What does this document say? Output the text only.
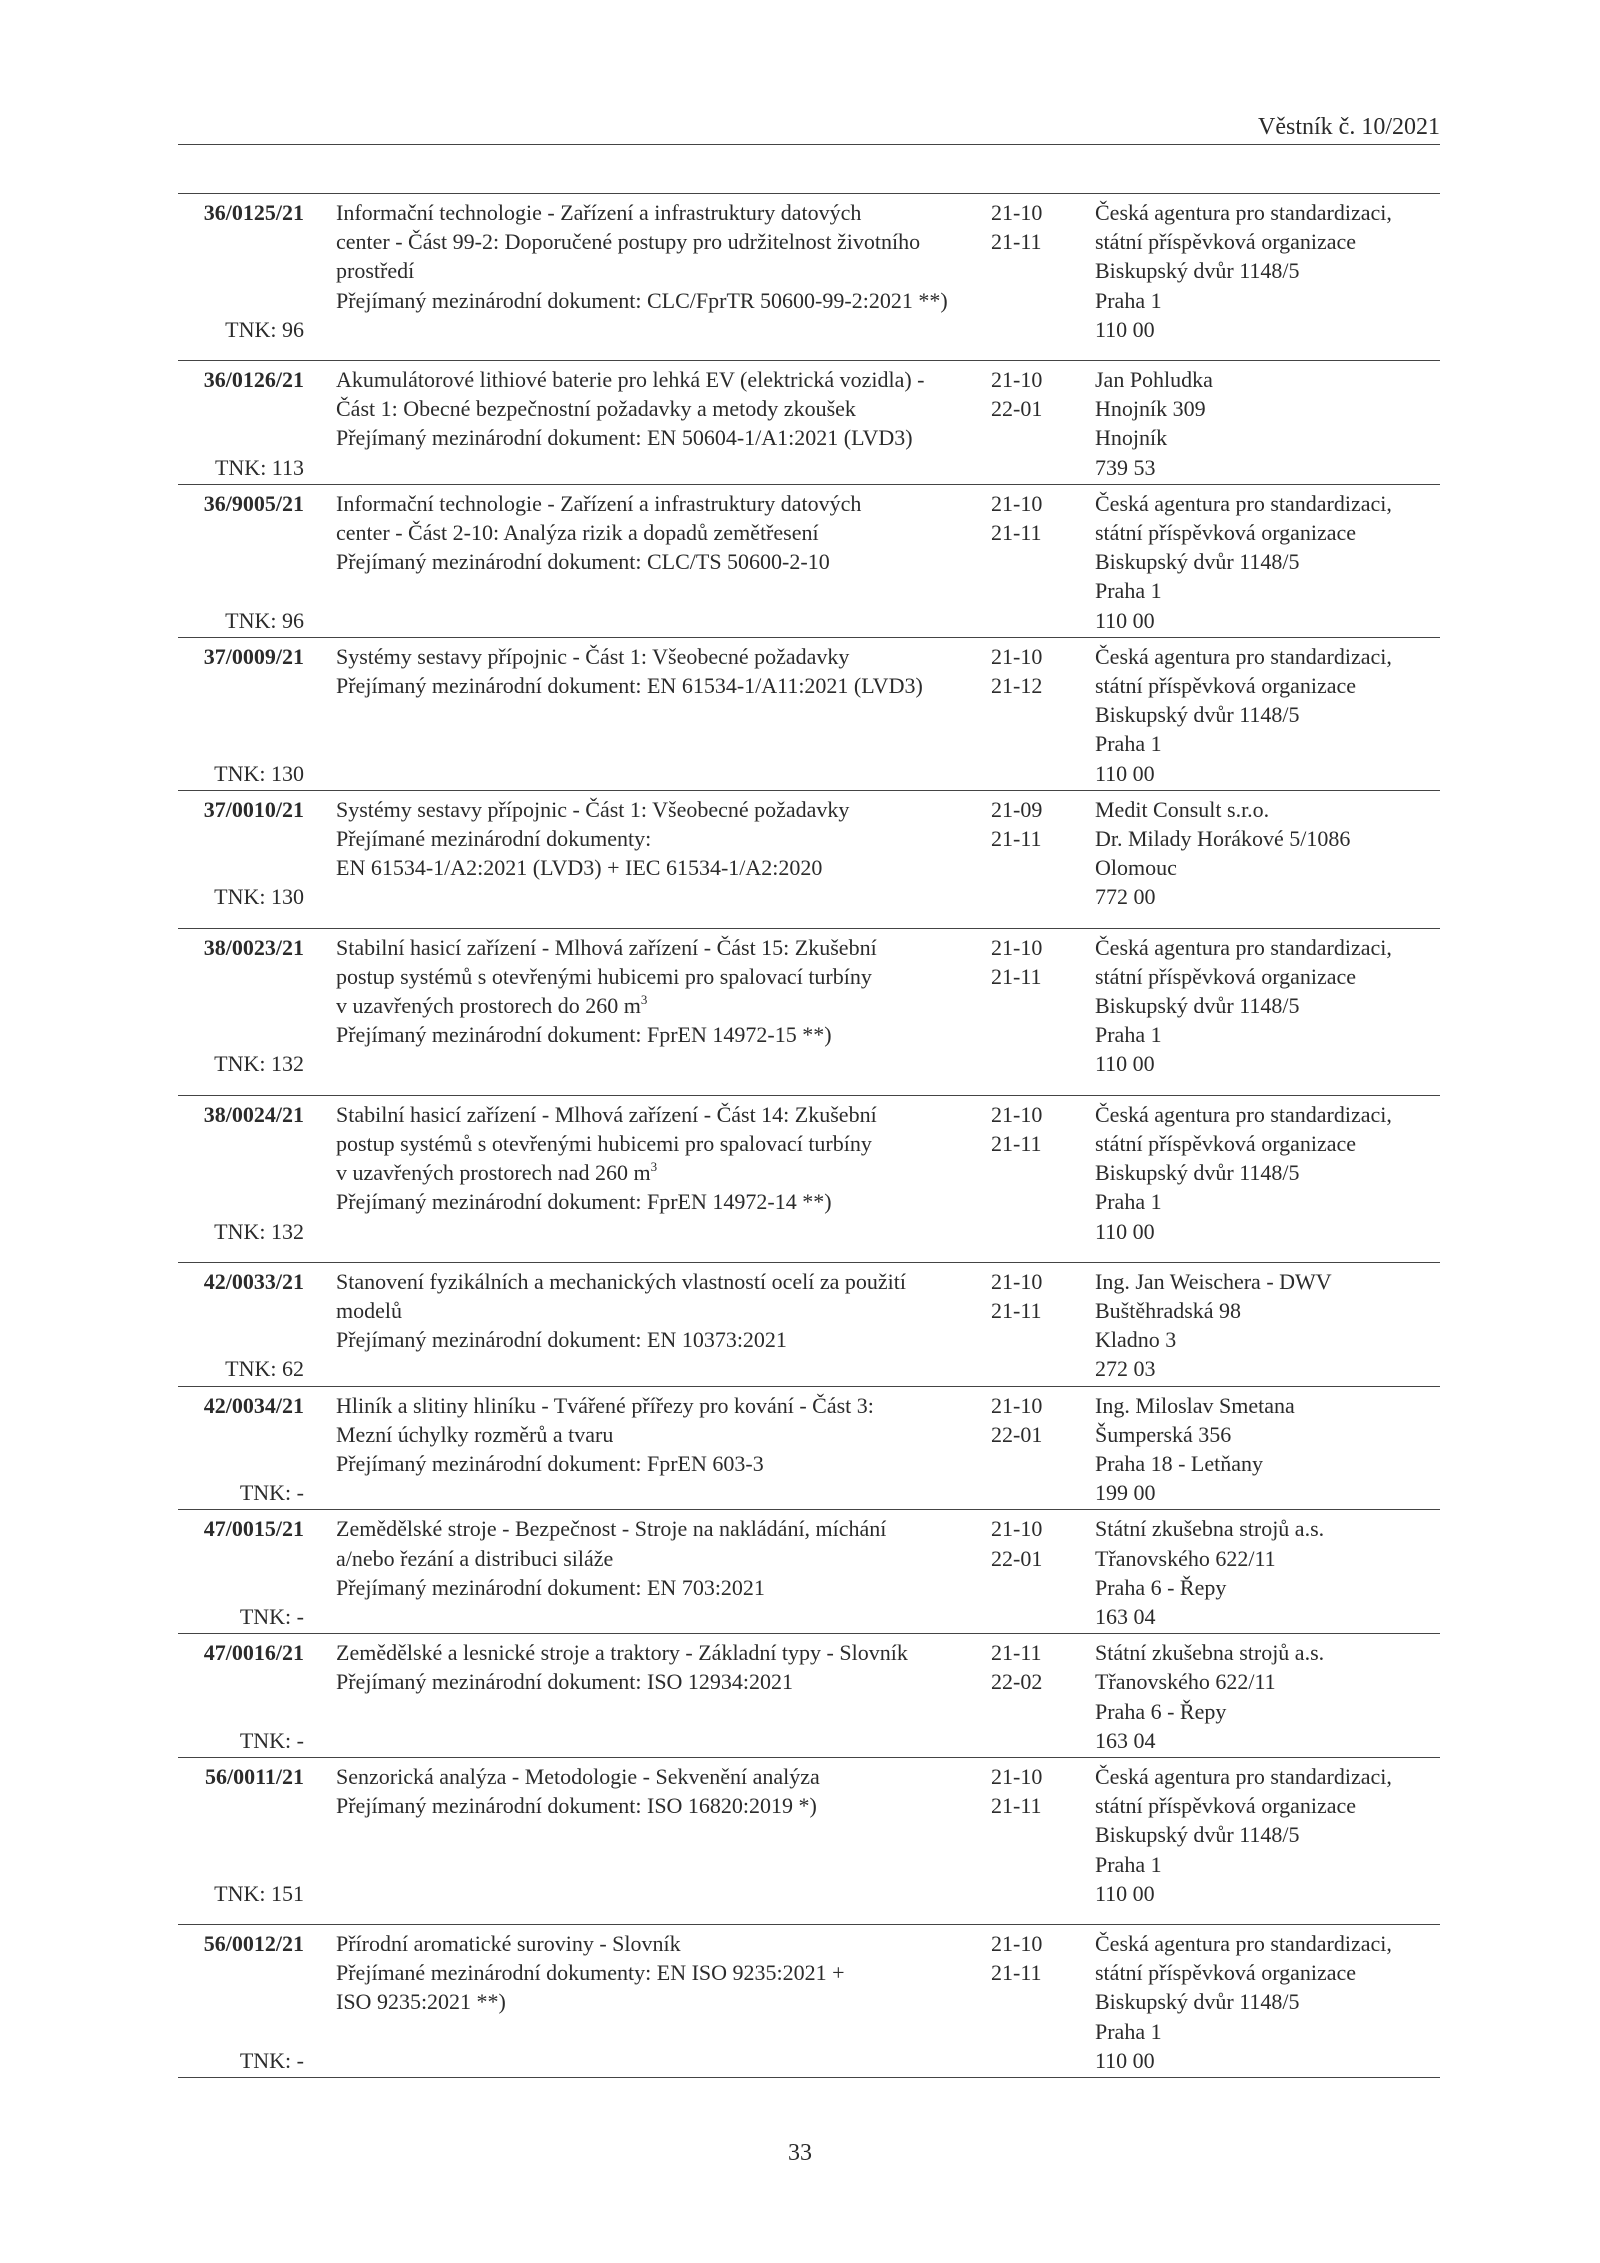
Věstník č. 10/2021
36/0125/21
TNK: 96
Informační technologie - Zařízení a infrastruktury datových
center - Část 99-2: Doporučené postupy pro udržitelnost životního
prostředí
Přejímaný mezinárodní dokument: CLC/FprTR 50600-99-2:2021 **)
21-10
21-11
Česká agentura pro standardizaci,
státní příspěvková organizace
Biskupský dvůr 1148/5
Praha 1
110 00
36/0126/21
TNK: 113
Akumulátorové lithiové baterie pro lehká EV (elektrická vozidla) -
Část 1: Obecné bezpečnostní požadavky a metody zkoušek
Přejímaný mezinárodní dokument: EN 50604-1/A1:2021 (LVD3)
21-10
22-01
Jan Pohludka
Hnojník 309
Hnojník
739 53
36/9005/21
TNK: 96
Informační technologie - Zařízení a infrastruktury datových
center - Část 2-10: Analýza rizik a dopadů zemětřesení
Přejímaný mezinárodní dokument: CLC/TS 50600-2-10
21-10
21-11
Česká agentura pro standardizaci,
státní příspěvková organizace
Biskupský dvůr 1148/5
Praha 1
110 00
37/0009/21
TNK: 130
Systémy sestavy přípojnic - Část 1: Všeobecné požadavky
Přejímaný mezinárodní dokument: EN 61534-1/A11:2021 (LVD3)
21-10
21-12
Česká agentura pro standardizaci,
státní příspěvková organizace
Biskupský dvůr 1148/5
Praha 1
110 00
37/0010/21
TNK: 130
Systémy sestavy přípojnic - Část 1: Všeobecné požadavky
Přejímané mezinárodní dokumenty:
EN 61534-1/A2:2021 (LVD3) + IEC 61534-1/A2:2020
21-09
21-11
Medit Consult s.r.o.
Dr. Milady Horákové 5/1086
Olomouc
772 00
38/0023/21
TNK: 132
Stabilní hasicí zařízení - Mlhová zařízení - Část 15: Zkušební
postup systémů s otevřenými hubicemi pro spalovací turbíny
v uzavřených prostorech do 260 $m^3$
Přejímaný mezinárodní dokument: FprEN 14972-15 **)
21-10
21-11
Česká agentura pro standardizaci,
státní příspěvková organizace
Biskupský dvůr 1148/5
Praha 1
110 00
38/0024/21
TNK: 132
Stabilní hasicí zařízení - Mlhová zařízení - Část 14: Zkušební
postup systémů s otevřenými hubicemi pro spalovací turbíny
v uzavřených prostorech nad 260 $m^3$
Přejímaný mezinárodní dokument: FprEN 14972-14 **)
21-10
21-11
Česká agentura pro standardizaci,
státní příspěvková organizace
Biskupský dvůr 1148/5
Praha 1
110 00
42/0033/21
TNK: 62
Stanovení fyzikálních a mechanických vlastností ocelí za použití
modelů
Přejímaný mezinárodní dokument: EN 10373:2021
21-10
21-11
Ing. Jan Weischera - DWV
Buštěhradská 98
Kladno 3
272 03
42/0034/21
TNK: -
Hliník a slitiny hliníku - Tvářené přířezy pro kování - Část 3:
Mezní úchylky rozměrů a tvaru
Přejímaný mezinárodní dokument: FprEN 603-3
21-10
22-01
Ing. Miloslav Smetana
Šumperská 356
Praha 18 - Letňany
199 00
47/0015/21
TNK: -
Zemědělské stroje - Bezpečnost - Stroje na nakládání, míchání
a/nebo řezání a distribuci siláže
Přejímaný mezinárodní dokument: EN 703:2021
21-10
22-01
Státní zkušebna strojů a.s.
Třanovského 622/11
Praha 6 - Řepy
163 04
47/0016/21
TNK: -
Zemědělské a lesnické stroje a traktory - Základní typy - Slovník
Přejímaný mezinárodní dokument: ISO 12934:2021
21-11
22-02
Státní zkušebna strojů a.s.
Třanovského 622/11
Praha 6 - Řepy
163 04
56/0011/21
TNK: 151
Senzorická analýza - Metodologie - Sekvenění analýza
Přejímaný mezinárodní dokument: ISO 16820:2019 *)
21-10
21-11
Česká agentura pro standardizaci,
státní příspěvková organizace
Biskupský dvůr 1148/5
Praha 1
110 00
56/0012/21
TNK: -
Přírodní aromatické suroviny - Slovník
Přejímané mezinárodní dokumenty: EN ISO 9235:2021 +
ISO 9235:2021 **)
21-10
21-11
Česká agentura pro standardizaci,
státní příspěvková organizace
Biskupský dvůr 1148/5
Praha 1
110 00
33
